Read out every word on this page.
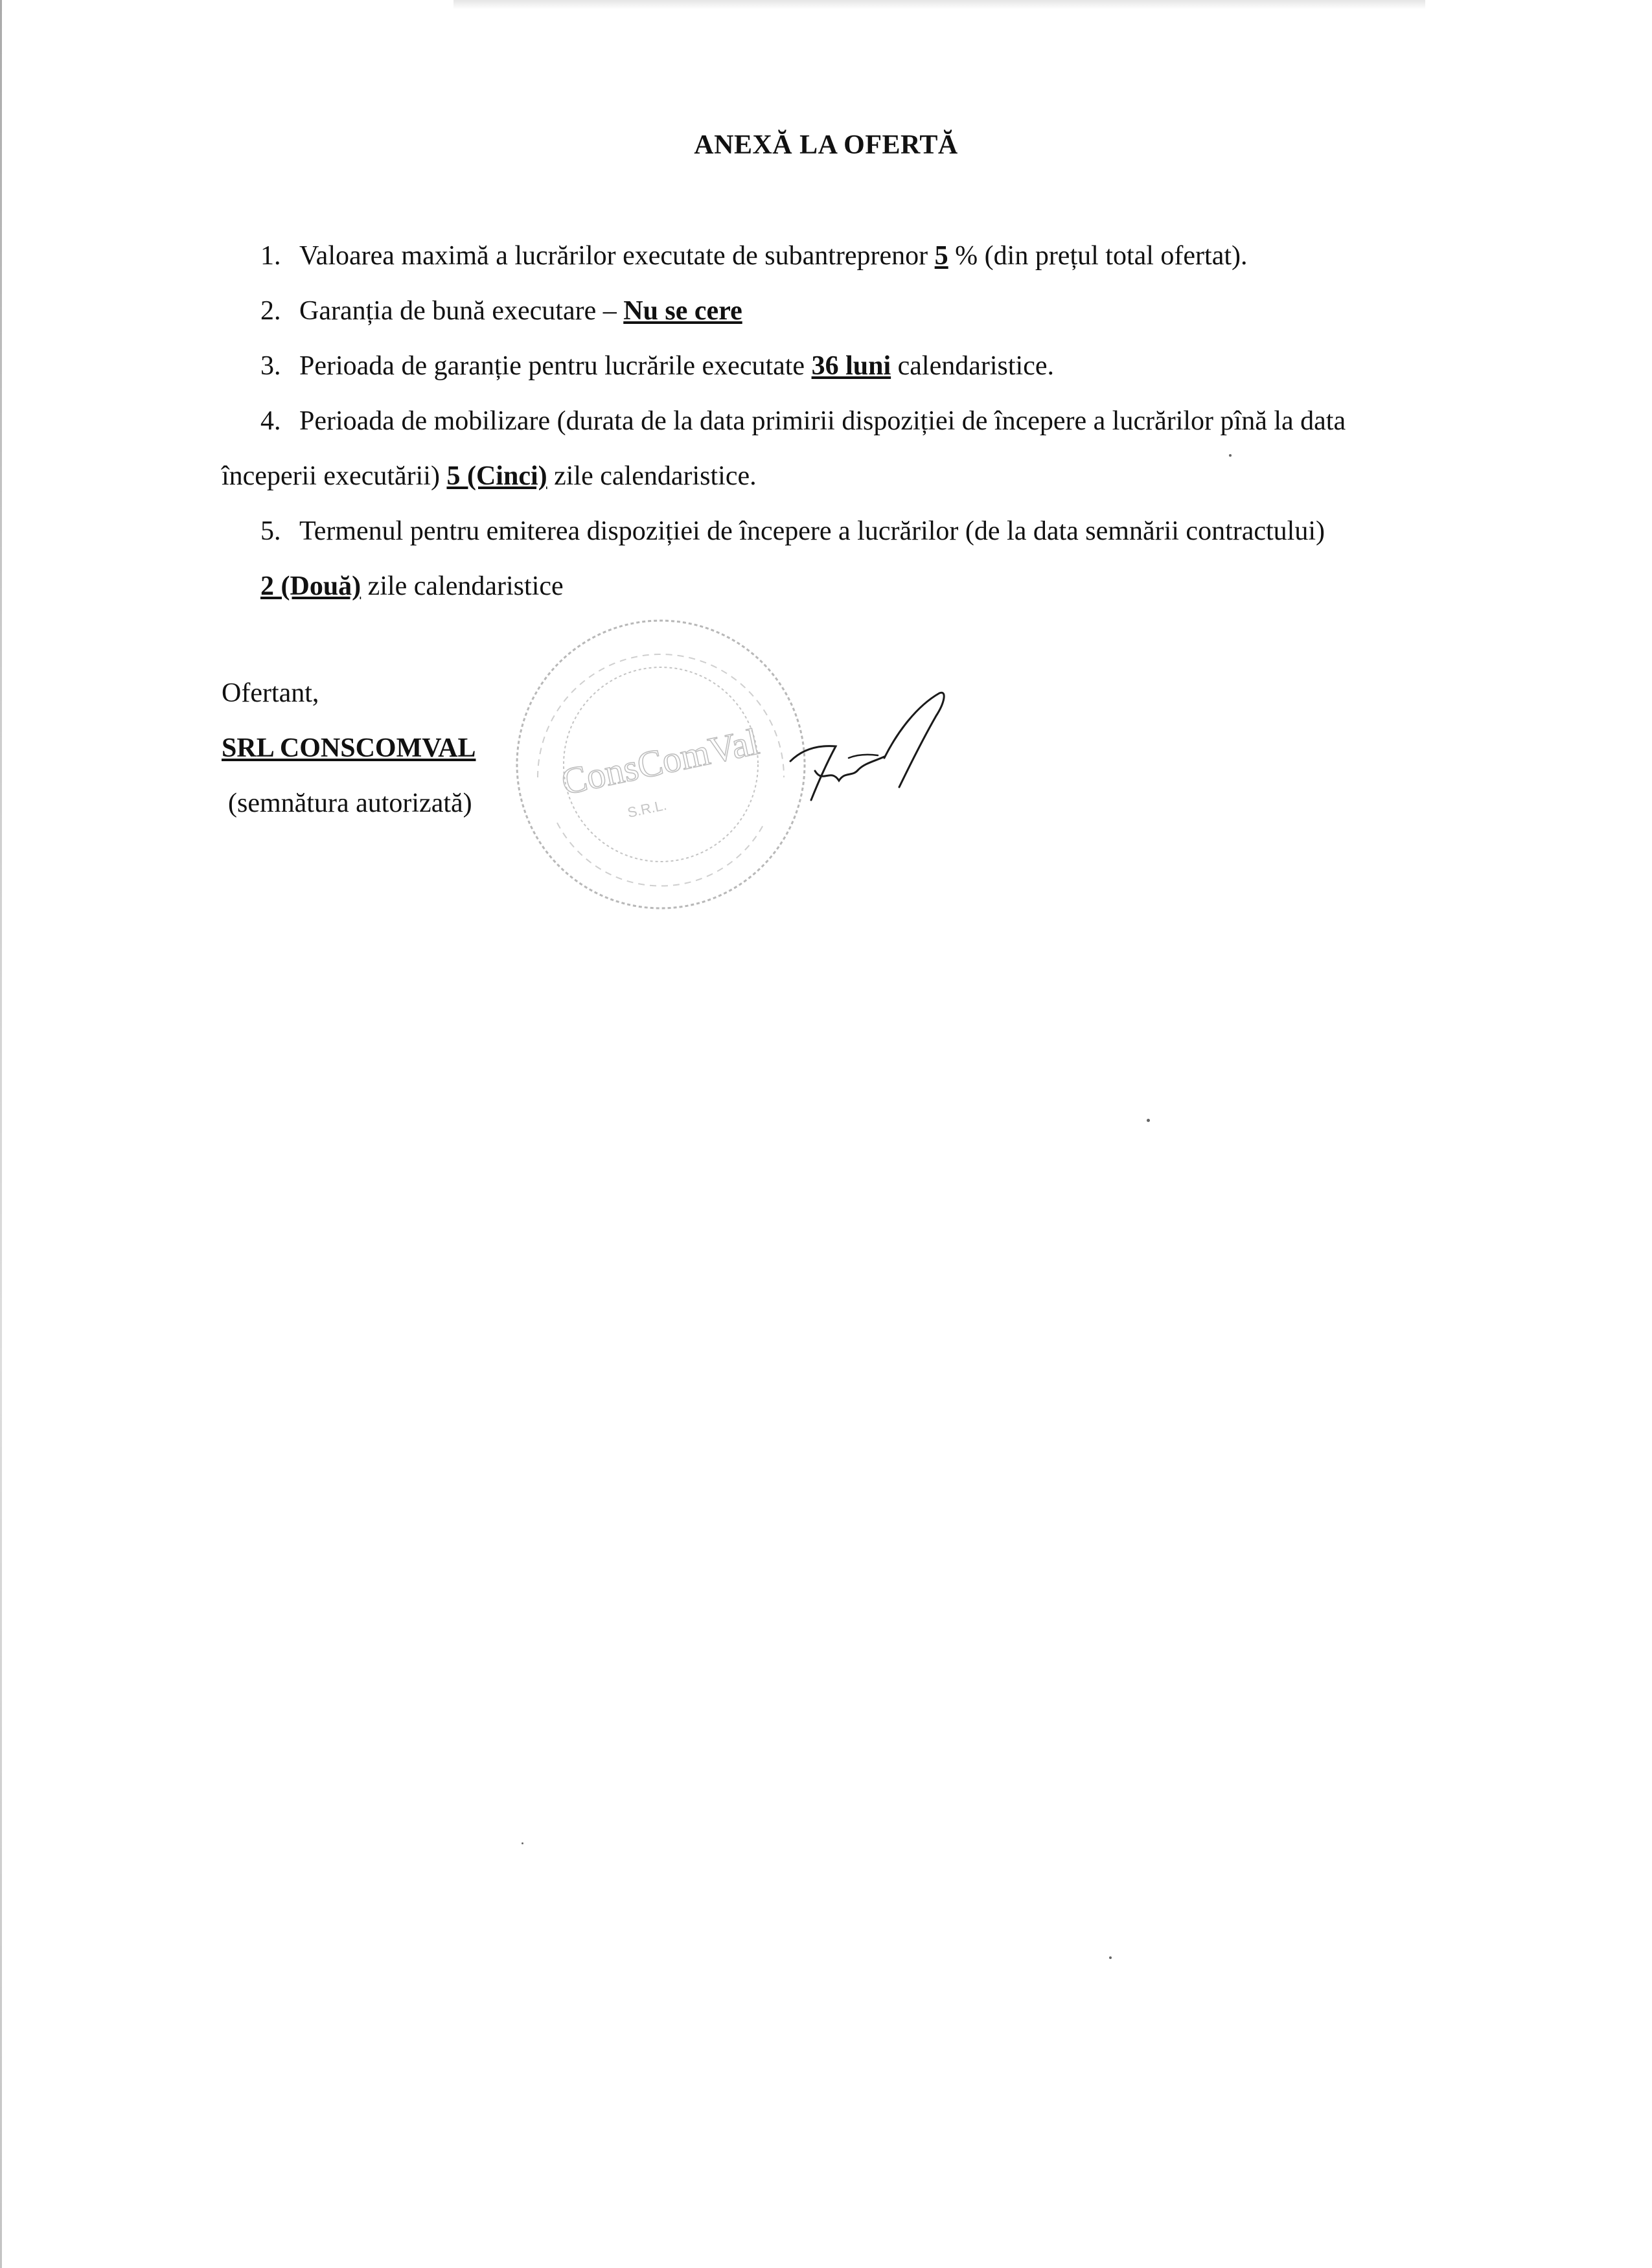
ANEXĂ LA OFERTĂ

1. Valoarea maximă a lucrărilor executate de subantreprenor 5 % (din prețul total ofertat).

2. Garanția de bună executare – Nu se cere

3. Perioada de garanție pentru lucrările executate 36 luni calendaristice.

4. Perioada de mobilizare (durata de la data primirii dispoziției de începere a lucrărilor pînă la data

începerii executării) 5 (Cinci) zile calendaristice.

5. Termenul pentru emiterea dispoziției de începere a lucrărilor (de la data semnării contractului)

2 (Două) zile calendaristice

Ofertant,

SRL CONSCOMVAL

(semnătura autorizată)

ConsComVal
S.R.L.
